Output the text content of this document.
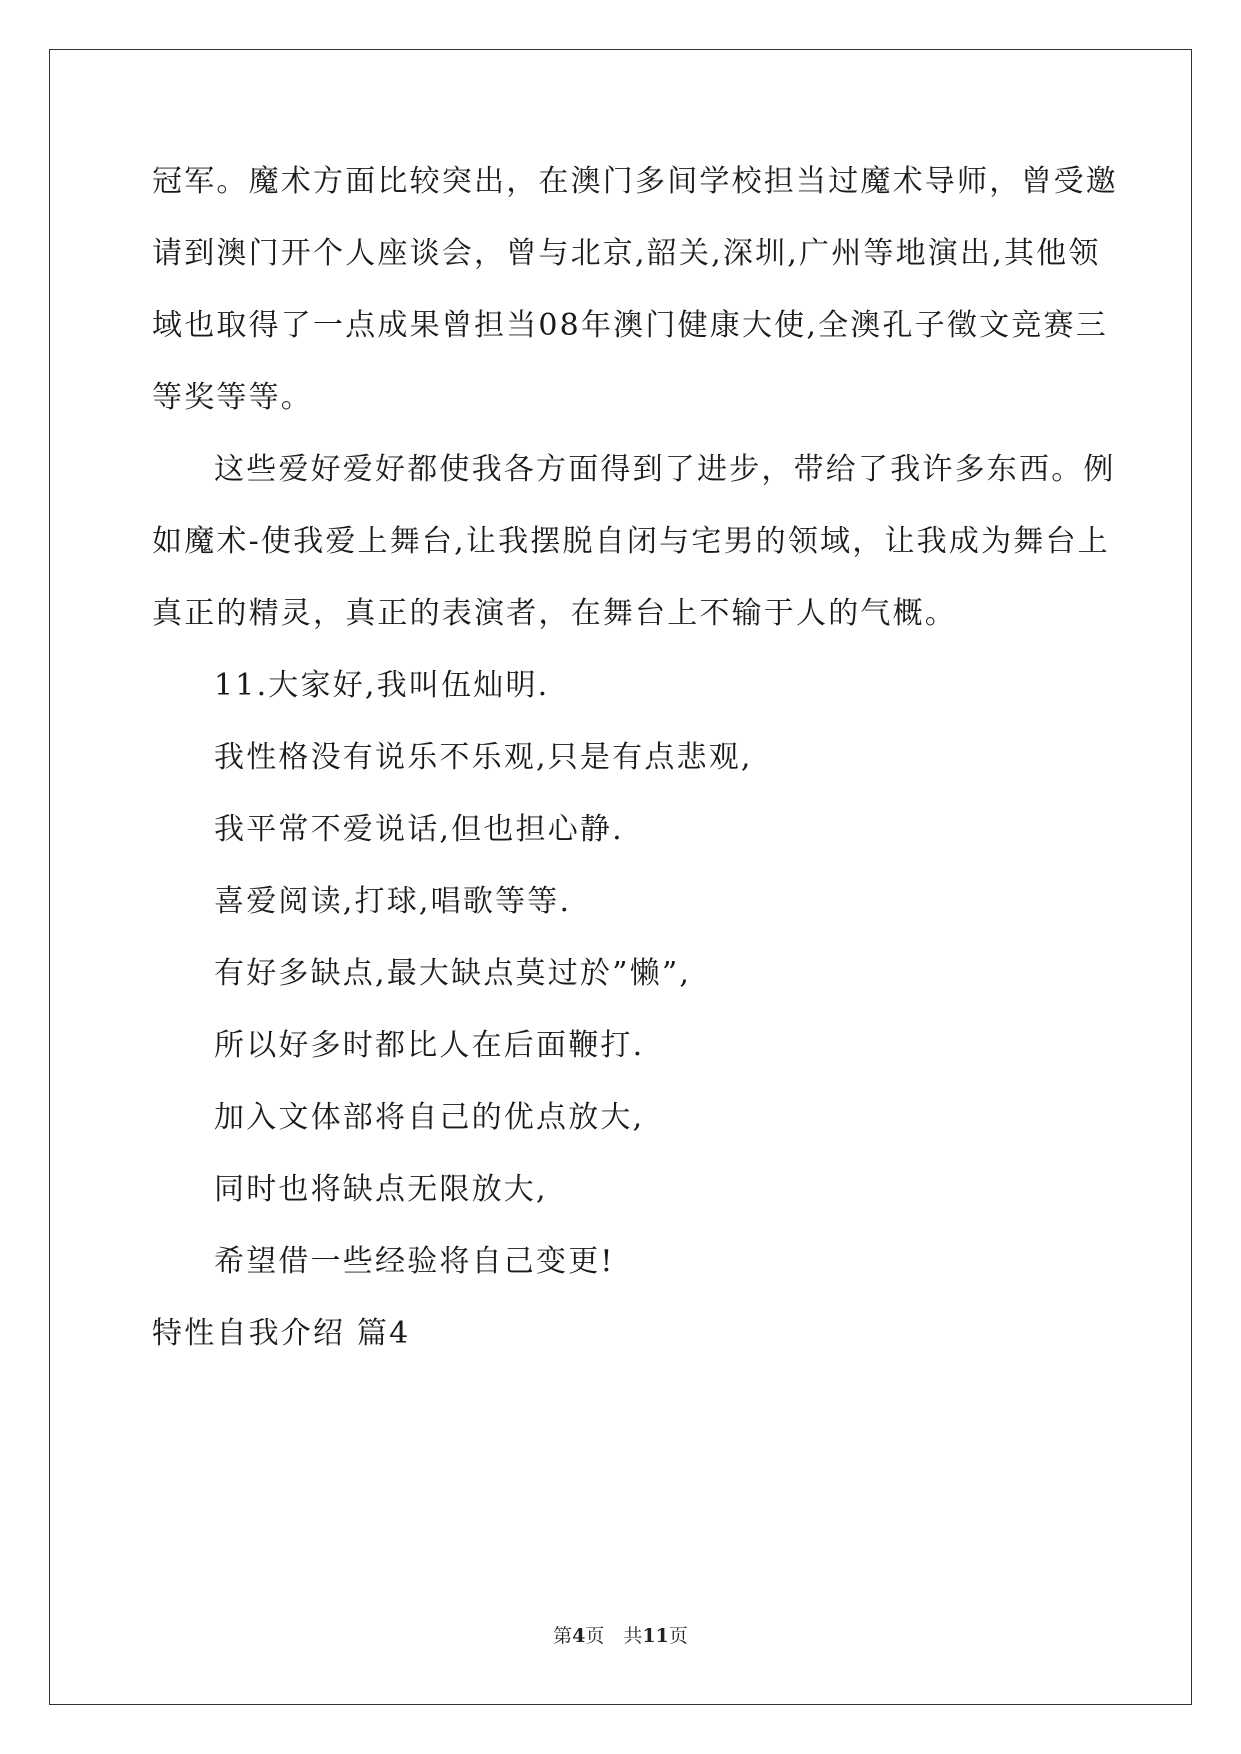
冠军。魔术方面比较突出，在澳门多间学校担当过魔术导师，曾受邀
请到澳门开个人座谈会，曾与北京,韶关,深圳,广州等地演出,其他领
域也取得了一点成果曾担当08年澳门健康大使,全澳孔子徵文竞赛三
等奖等等。
这些爱好爱好都使我各方面得到了进步，带给了我许多东西。例
如魔术-使我爱上舞台,让我摆脱自闭与宅男的领域，让我成为舞台上
真正的精灵，真正的表演者，在舞台上不输于人的气概。
11.大家好,我叫伍灿明.
我性格没有说乐不乐观,只是有点悲观,
我平常不爱说话,但也担心静.
喜爱阅读,打球,唱歌等等.
有好多缺点,最大缺点莫过於”懒”,
所以好多时都比人在后面鞭打.
加入文体部将自己的优点放大,
同时也将缺点无限放大,
希望借一些经验将自己变更!
特性自我介绍 篇4
第4页　共11页
